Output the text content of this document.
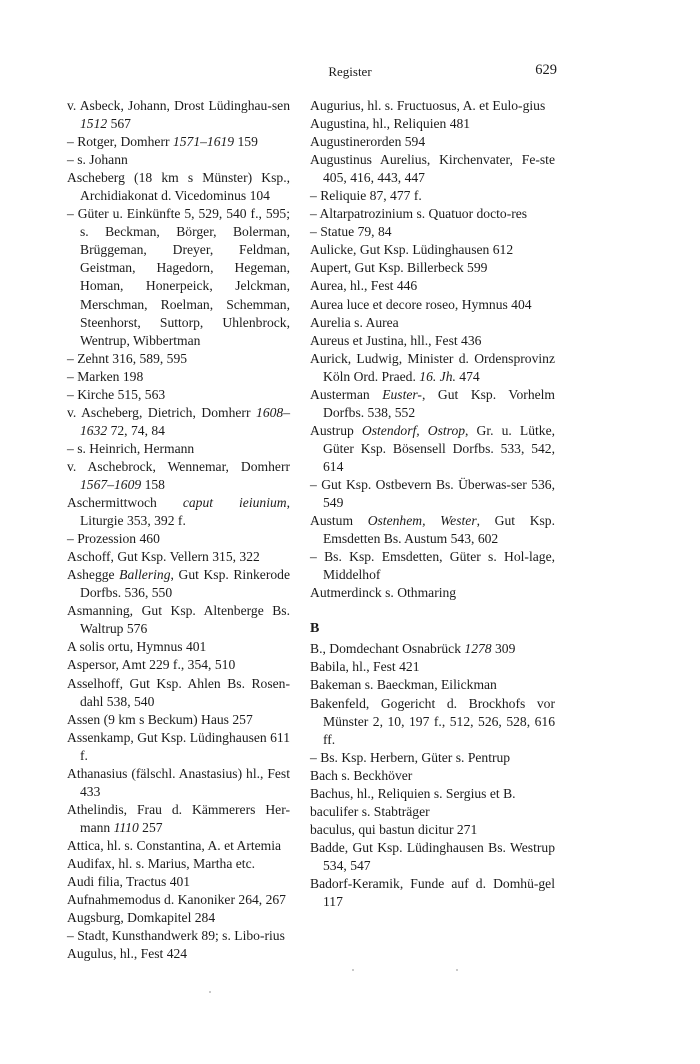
Register	629
v. Asbeck, Johann, Drost Lüdinghau-sen 1512 567
– Rotger, Domherr 1571–1619 159
– s. Johann
Ascheberg (18 km s Münster) Ksp., Archidiakonat d. Vicedominus 104
– Güter u. Einkünfte 5, 529, 540 f., 595; s. Beckman, Börger, Bolerman, Brüggeman, Dreyer, Feldman, Geistman, Hagedorn, Hegeman, Homan, Honerpeick, Jelckman, Merschman, Roelman, Schemman, Steenhorst, Suttorp, Uhlenbrock, Wentrup, Wibbertman
– Zehnt 316, 589, 595
– Marken 198
– Kirche 515, 563
v. Ascheberg, Dietrich, Domherr 1608–1632 72, 74, 84
– s. Heinrich, Hermann
v. Aschebrock, Wennemar, Domherr 1567–1609 158
Aschermittwoch caput ieiunium, Liturgie 353, 392 f.
– Prozession 460
Aschoff, Gut Ksp. Vellern 315, 322
Ashegge Ballering, Gut Ksp. Rinkerode Dorfbs. 536, 550
Asmanning, Gut Ksp. Altenberge Bs. Waltrup 576
A solis ortu, Hymnus 401
Aspersor, Amt 229 f., 354, 510
Asselhoff, Gut Ksp. Ahlen Bs. Rosen-dahl 538, 540
Assen (9 km s Beckum) Haus 257
Assenkamp, Gut Ksp. Lüdinghausen 611 f.
Athanasius (fälschl. Anastasius) hl., Fest 433
Athelindis, Frau d. Kämmerers Her-mann 1110 257
Attica, hl. s. Constantina, A. et Artemia
Audifax, hl. s. Marius, Martha etc.
Audi filia, Tractus 401
Aufnahmemodus d. Kanoniker 264, 267
Augsburg, Domkapitel 284
– Stadt, Kunsthandwerk 89; s. Libo-rius
Augulus, hl., Fest 424
Augurius, hl. s. Fructuosus, A. et Eulo-gius
Augustina, hl., Reliquien 481
Augustinerorden 594
Augustinus Aurelius, Kirchenvater, Fe-ste 405, 416, 443, 447
– Reliquie 87, 477 f.
– Altarpatrozinium s. Quatuor docto-res
– Statue 79, 84
Aulicke, Gut Ksp. Lüdinghausen 612
Aupert, Gut Ksp. Billerbeck 599
Aurea, hl., Fest 446
Aurea luce et decore roseo, Hymnus 404
Aurelia s. Aurea
Aureus et Justina, hll., Fest 436
Aurick, Ludwig, Minister d. Ordensprovinz Köln Ord. Praed. 16. Jh. 474
Austerman Euster-, Gut Ksp. Vorhelm Dorfbs. 538, 552
Austrup Ostendorf, Ostrop, Gr. u. Lütke, Güter Ksp. Bösensell Dorfbs. 533, 542, 614
– Gut Ksp. Ostbevern Bs. Überwas-ser 536, 549
Austum Ostenhem, Wester, Gut Ksp. Emsdetten Bs. Austum 543, 602
– Bs. Ksp. Emsdetten, Güter s. Hol-lage, Middelhof
Autmerdinck s. Othmaring
B
B., Domdechant Osnabrück 1278 309
Babila, hl., Fest 421
Bakeman s. Baeckman, Eilickman
Bakenfeld, Gogericht d. Brockhofs vor Münster 2, 10, 197 f., 512, 526, 528, 616 ff.
– Bs. Ksp. Herbern, Güter s. Pentrup
Bach s. Beckhöver
Bachus, hl., Reliquien s. Sergius et B.
baculifer s. Stabträger
baculus, qui bastun dicitur 271
Badde, Gut Ksp. Lüdinghausen Bs. Westrup 534, 547
Badorf-Keramik, Funde auf d. Domhü-gel 117
